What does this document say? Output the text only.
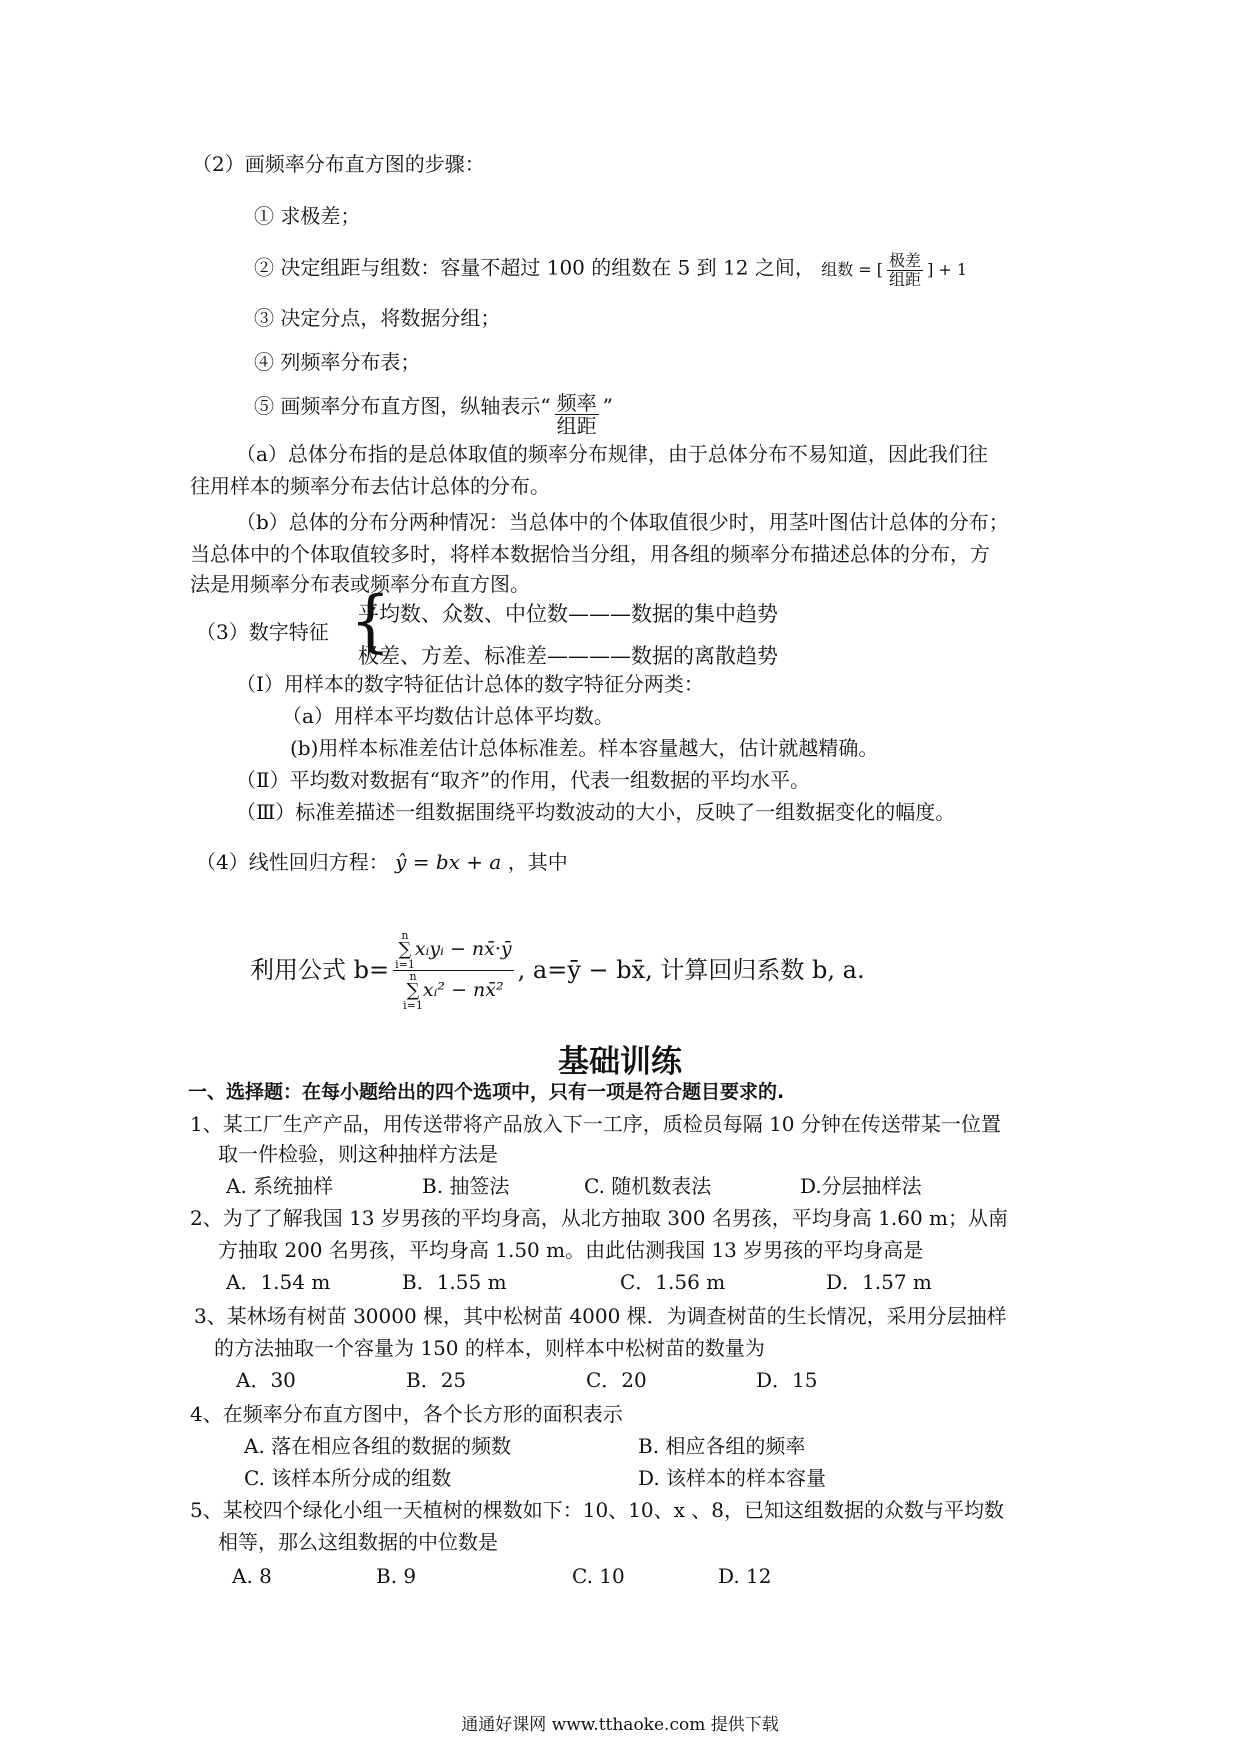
（2）画频率分布直方图的步骤：
① 求极差；
② 决定组距与组数：容量不超过 100 的组数在 5 到 12 之间， 组数 = [ $\frac{\text{极差}}{\text{组距}}$ ] + 1
③ 决定分点，将数据分组；
④ 列频率分布表；
⑤ 画频率分布直方图，纵轴表示“ $\frac{\text{频率}}{\text{组距}}$ ”
（a）总体分布指的是总体取值的频率分布规律，由于总体分布不易知道，因此我们往
往用样本的频率分布去估计总体的分布。
（b）总体的分布分两种情况：当总体中的个体取值很少时，用茎叶图估计总体的分布；
当总体中的个体取值较多时，将样本数据恰当分组，用各组的频率分布描述总体的分布，方
法是用频率分布表或频率分布直方图。
（3）数字特征 {
平均数、众数、中位数———数据的集中趋势
极差、方差、标准差————数据的离散趋势
（Ⅰ）用样本的数字特征估计总体的数字特征分两类：
（a）用样本平均数估计总体平均数。
(b)用样本标准差估计总体标准差。样本容量越大，估计就越精确。
（Ⅱ）平均数对数据有“取齐”的作用，代表一组数据的平均水平。
（Ⅲ）标准差描述一组数据围绕平均数波动的大小，反映了一组数据变化的幅度。
（4）线性回归方程： ŷ = bx + a ，其中
利用公式 b= n
∑
i=1
xᵢyᵢ − nx̄·ȳ
n
∑
i=1
xᵢ² − nx̄² , a=ȳ − bx̄, 计算回归系数 b, a.
基础训练
一、选择题：在每小题给出的四个选项中，只有一项是符合题目要求的.
1、某工厂生产产品，用传送带将产品放入下一工序，质检员每隔 10 分钟在传送带某一位置
取一件检验，则这种抽样方法是
A. 系统抽样	B. 抽签法	C. 随机数表法	D.分层抽样法
2、为了了解我国 13 岁男孩的平均身高，从北方抽取 300 名男孩，平均身高 1.60 m；从南
方抽取 200 名男孩，平均身高 1.50 m。由此估测我国 13 岁男孩的平均身高是
A．1.54 m	B．1.55 m	C．1.56 m	D．1.57 m
3、某林场有树苗 30000 棵，其中松树苗 4000 棵．为调查树苗的生长情况，采用分层抽样
的方法抽取一个容量为 150 的样本，则样本中松树苗的数量为
A．30	B．25	C．20	D．15
4、在频率分布直方图中，各个长方形的面积表示
A. 落在相应各组的数据的频数	B. 相应各组的频率
C. 该样本所分成的组数	D. 该样本的样本容量
5、某校四个绿化小组一天植树的棵数如下：10、10、x 、8，已知这组数据的众数与平均数
相等，那么这组数据的中位数是
A. 8	B. 9	C. 10	D. 12
通通好课网 www.tthaoke.com 提供下载
